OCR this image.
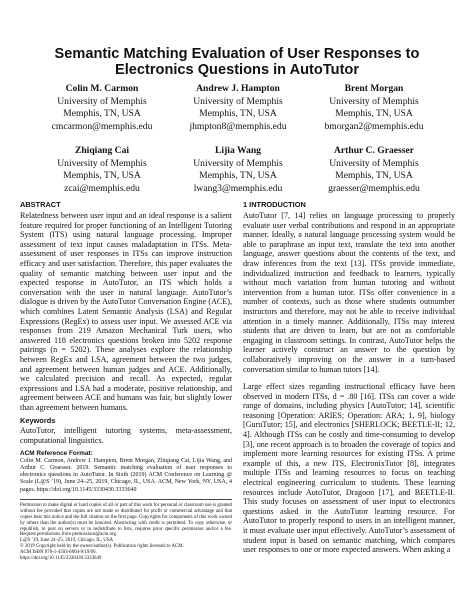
Semantic Matching Evaluation of User Responses to
Electronics Questions in AutoTutor
Colin M. Carmon
University of Memphis
Memphis, TN, USA
cmcarmon@memphis.edu
Andrew J. Hampton
University of Memphis
Memphis, TN, USA
jhmpton8@memphis.edu
Brent Morgan
University of Memphis
Memphis, TN, USA
bmorgan2@memphis.edu
Zhiqiang Cai
University of Memphis
Memphis, TN, USA
zcai@memphis.edu
Lijia Wang
University of Memphis
Memphis, TN, USA
lwang3@memphis.edu
Arthur C. Graesser
University of Memphis
Memphis, TN, USA
graesser@memphis.edu
ABSTRACT

Relatedness between user input and an ideal response is a salient feature required for proper functioning of an Intelligent Tutoring System (ITS) using natural language processing. Improper assessment of text input causes maladaptation in ITSs. Meta-assessment of user responses in ITSs can improve instruction efficacy and user satisfaction. Therefore, this paper evaluates the quality of semantic matching between user input and the expected response in AutoTutor, an ITS which holds a conversation with the user in natural language. AutoTutor’s dialogue is driven by the AutoTutor Conversation Engine (ACE), which combines Latent Semantic Analysis (LSA) and Regular Expressions (RegEx) to assess user input. We assessed ACE via responses from 219 Amazon Mechanical Turk users, who answered 118 electronics questions broken into 5202 response pairings (n = 5202). These analyses explore the relationship between RegEx and LSA, agreement between the two judges, and agreement between human judges and ACE. Additionally, we calculated precision and recall. As expected, regular expressions and LSA had a moderate, positive relationship, and agreement between ACE and humans was fair, but slightly lower than agreement between humans.

Keywords

AutoTutor, intelligent tutoring systems, meta-assessment, computational linguistics.

ACM Reference Format:

Colin M. Carmon, Andrew J. Hampton, Brent Morgan, Zhiqiang Cai, Lijia Wang, and Arthur C. Graesser. 2019. Semantic matching evaluation of user responses to electronics questions in AutoTutor. In Sixth (2019) ACM Conference on Learning @ Scale (L@S ’19), June 24–25, 2019, Chicago, IL, USA. ACM, New York, NY, USA, 4 pages. https://doi.org/10.1145/3330430.3333649

Permission to make digital or hard copies of all or part of this work for personal or classroom use is granted without fee provided that copies are not made or distributed for profit or commercial advantage and that copies bear this notice and the full citation on the first page. Copyrights for components of this work owned by others than the author(s) must be honored. Abstracting with credit is permitted. To copy otherwise, or republish, to post on servers or to redistribute to lists, requires prior specific permission and/or a fee. Request permissions from permissions@acm.org.

L@S ’19, June 24–25, 2019, Chicago, IL, USA
© 2019 Copyright held by the owner/author(s). Publication rights licensed to ACM.
ACM ISBN 978-1-4503-6804-9/19/06.
https://doi.org/10.1145/3330430.3333649
1 INTRODUCTION

AutoTutor [7, 14] relies on language processing to properly evaluate user verbal contributions and respond in an appropriate manner. Ideally, a natural language processing system would be able to paraphrase an input text, translate the text into another language, answer questions about the contents of the text, and draw inferences from the text [13]. ITSs provide immediate, individualized instruction and feedback to learners, typically without much variation from human tutoring and without intervention from a human tutor. ITSs offer convenience in a number of contexts, such as those where students outnumber instructors and therefore, may not be able to receive individual attention in a timely manner. Additionally, ITSs may interest students that are driven to learn, but are not as comfortable engaging in classroom settings. In contrast, AutoTutor helps the learner actively construct an answer to the question by collaboratively improving on the answer in a turn-based conversation similar to human tutors [14].

Large effect sizes regarding instructional efficacy have been observed in modern ITSs, d = .80 [16]. ITSs can cover a wide range of domains, including physics [AutoTutor; 14], scientific reasoning [Operation: ARIES; Operation: ARA; 1, 9], biology [GuruTutor; 15], and electronics [SHERLOCK; BEETLE-II; 12, 4]. Although ITSs can be costly and time-consuming to develop [3], one recent approach is to broaden the coverage of topics and implement more learning resources for existing ITSs. A prime example of this, a new ITS, ElectronixTutor [8], integrates multiple ITSs and learning resources to focus on teaching electrical engineering curriculum to students. These learning resources include AutoTutor, Dragoon [17], and BEETLE-II. This study focuses on assessment of user input to electronics questions asked in the AutoTutor learning resource. For AutoTutor to properly respond to users in an intelligent manner, it must evaluate user input effectively. AutoTutor’s assessment of student input is based on semantic matching, which compares user responses to one or more expected answers. When asking a
